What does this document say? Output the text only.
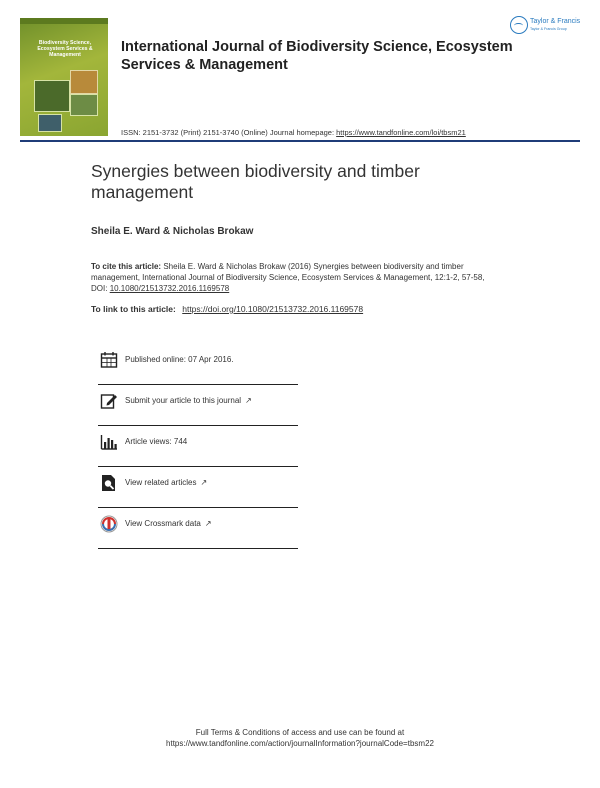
Biodiversity Science, Ecosystem Services & Management
Taylor & Francis
Taylor & Francis Group
International Journal of Biodiversity Science, Ecosystem Services & Management
ISSN: 2151-3732 (Print) 2151-3740 (Online) Journal homepage: https://www.tandfonline.com/loi/tbsm21
Synergies between biodiversity and timber management
Sheila E. Ward & Nicholas Brokaw
To cite this article: Sheila E. Ward & Nicholas Brokaw (2016) Synergies between biodiversity and timber management, International Journal of Biodiversity Science, Ecosystem Services & Management, 12:1-2, 57-58, DOI: 10.1080/21513732.2016.1169578
To link to this article: https://doi.org/10.1080/21513732.2016.1169578
Published online: 07 Apr 2016.
Submit your article to this journal ↗
Article views: 744
View related articles ↗
View Crossmark data ↗
Full Terms & Conditions of access and use can be found at
https://www.tandfonline.com/action/journalInformation?journalCode=tbsm22
